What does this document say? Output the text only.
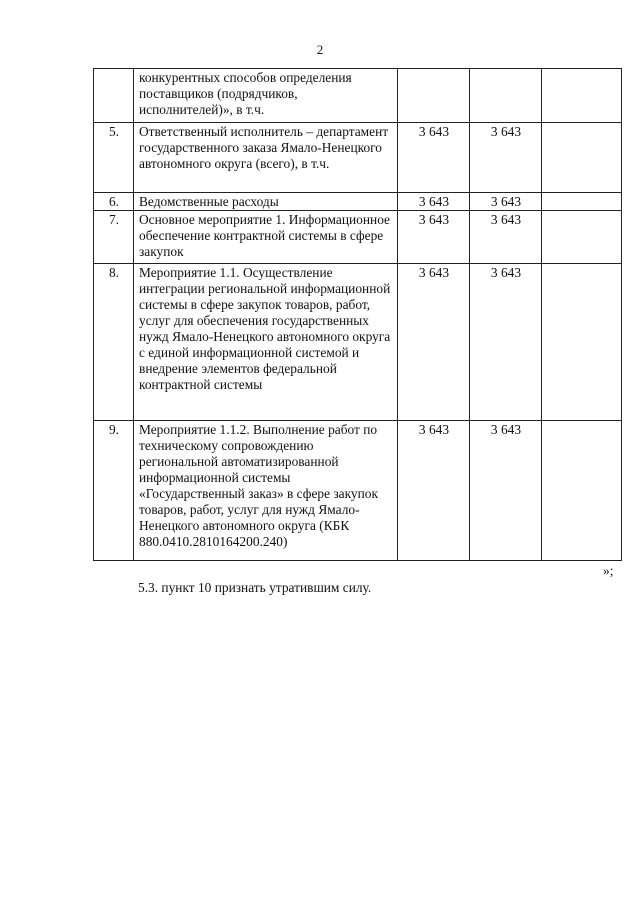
2
	конкурентных способов определения поставщиков (подрядчиков, исполнителей)», в т.ч.			
5.	Ответственный исполнитель – департамент государственного заказа Ямало-Ненецкого автономного округа (всего), в т.ч.	3 643	3 643	
6.	Ведомственные расходы	3 643	3 643	
7.	Основное мероприятие 1. Информационное обеспечение контрактной системы в сфере закупок	3 643	3 643	
8.	Мероприятие 1.1. Осуществление интеграции региональной информационной системы в сфере закупок товаров, работ, услуг для обеспечения государственных нужд Ямало-Ненецкого автономного округа с единой информационной системой и внедрение элементов федеральной контрактной системы	3 643	3 643	
9.	Мероприятие 1.1.2. Выполнение работ по техническому сопровождению региональной автоматизированной информационной системы «Государственный заказ» в сфере закупок товаров, работ, услуг для нужд Ямало-Ненецкого автономного округа (КБК 880.0410.2810164200.240)	3 643	3 643	
»;
5.3. пункт 10 признать утратившим силу.
